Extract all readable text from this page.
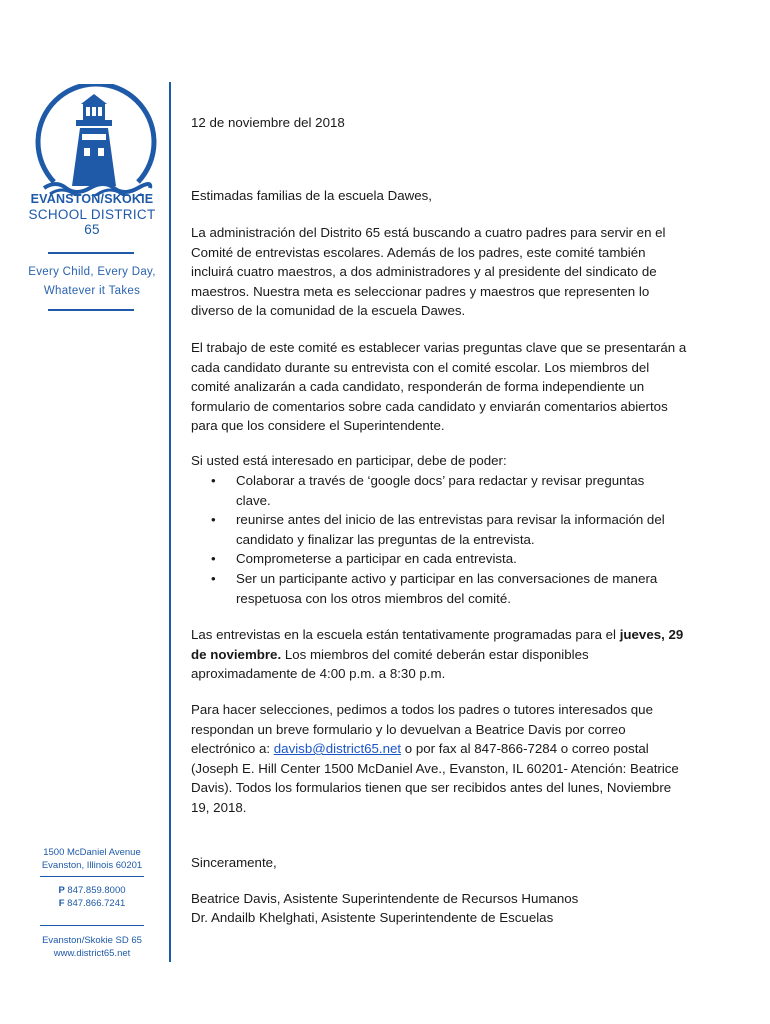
EVANSTON/SKOKIE
SCHOOL DISTRICT 65
Every Child, Every Day,
Whatever it Takes
1500 McDaniel Avenue
Evanston, Illinois 60201
P 847.859.8000
F 847.866.7241
Evanston/Skokie SD 65
www.district65.net
12 de noviembre del 2018
Estimadas familias de la escuela Dawes,
La administración del Distrito 65 está buscando a cuatro padres para servir en el Comité de entrevistas escolares. Además de los padres, este comité también incluirá cuatro maestros, a dos administradores y al presidente del sindicato de maestros. Nuestra meta es seleccionar padres y maestros que representen lo diverso de la comunidad de la escuela Dawes.
El trabajo de este comité es establecer varias preguntas clave que se presentarán a cada candidato durante su entrevista con el comité escolar. Los miembros del comité analizarán a cada candidato, responderán de forma independiente un formulario de comentarios sobre cada candidato y enviarán comentarios abiertos para que los considere el Superintendente.
Si usted está interesado en participar, debe de poder:
•	Colaborar a través de ‘google docs’ para redactar y revisar preguntas clave.
•	reunirse antes del inicio de las entrevistas para revisar la información del candidato y finalizar las preguntas de la entrevista.
•	Comprometerse a participar en cada entrevista.
•	Ser un participante activo y participar en las conversaciones de manera respetuosa con los otros miembros del comité.
Las entrevistas en la escuela están tentativamente programadas para el jueves, 29 de noviembre. Los miembros del comité deberán estar disponibles aproximadamente de 4:00 p.m. a 8:30 p.m.
Para hacer selecciones, pedimos a todos los padres o tutores interesados que respondan un breve formulario y lo devuelvan a Beatrice Davis por correo electrónico a: davisb@district65.net o por fax al 847-866-7284 o correo postal (Joseph E. Hill Center 1500 McDaniel Ave., Evanston, IL 60201- Atención: Beatrice Davis). Todos los formularios tienen que ser recibidos antes del lunes, Noviembre 19, 2018.
Sinceramente,
Beatrice Davis, Asistente Superintendente de Recursos Humanos
Dr. Andailb Khelghati, Asistente Superintendente de Escuelas
